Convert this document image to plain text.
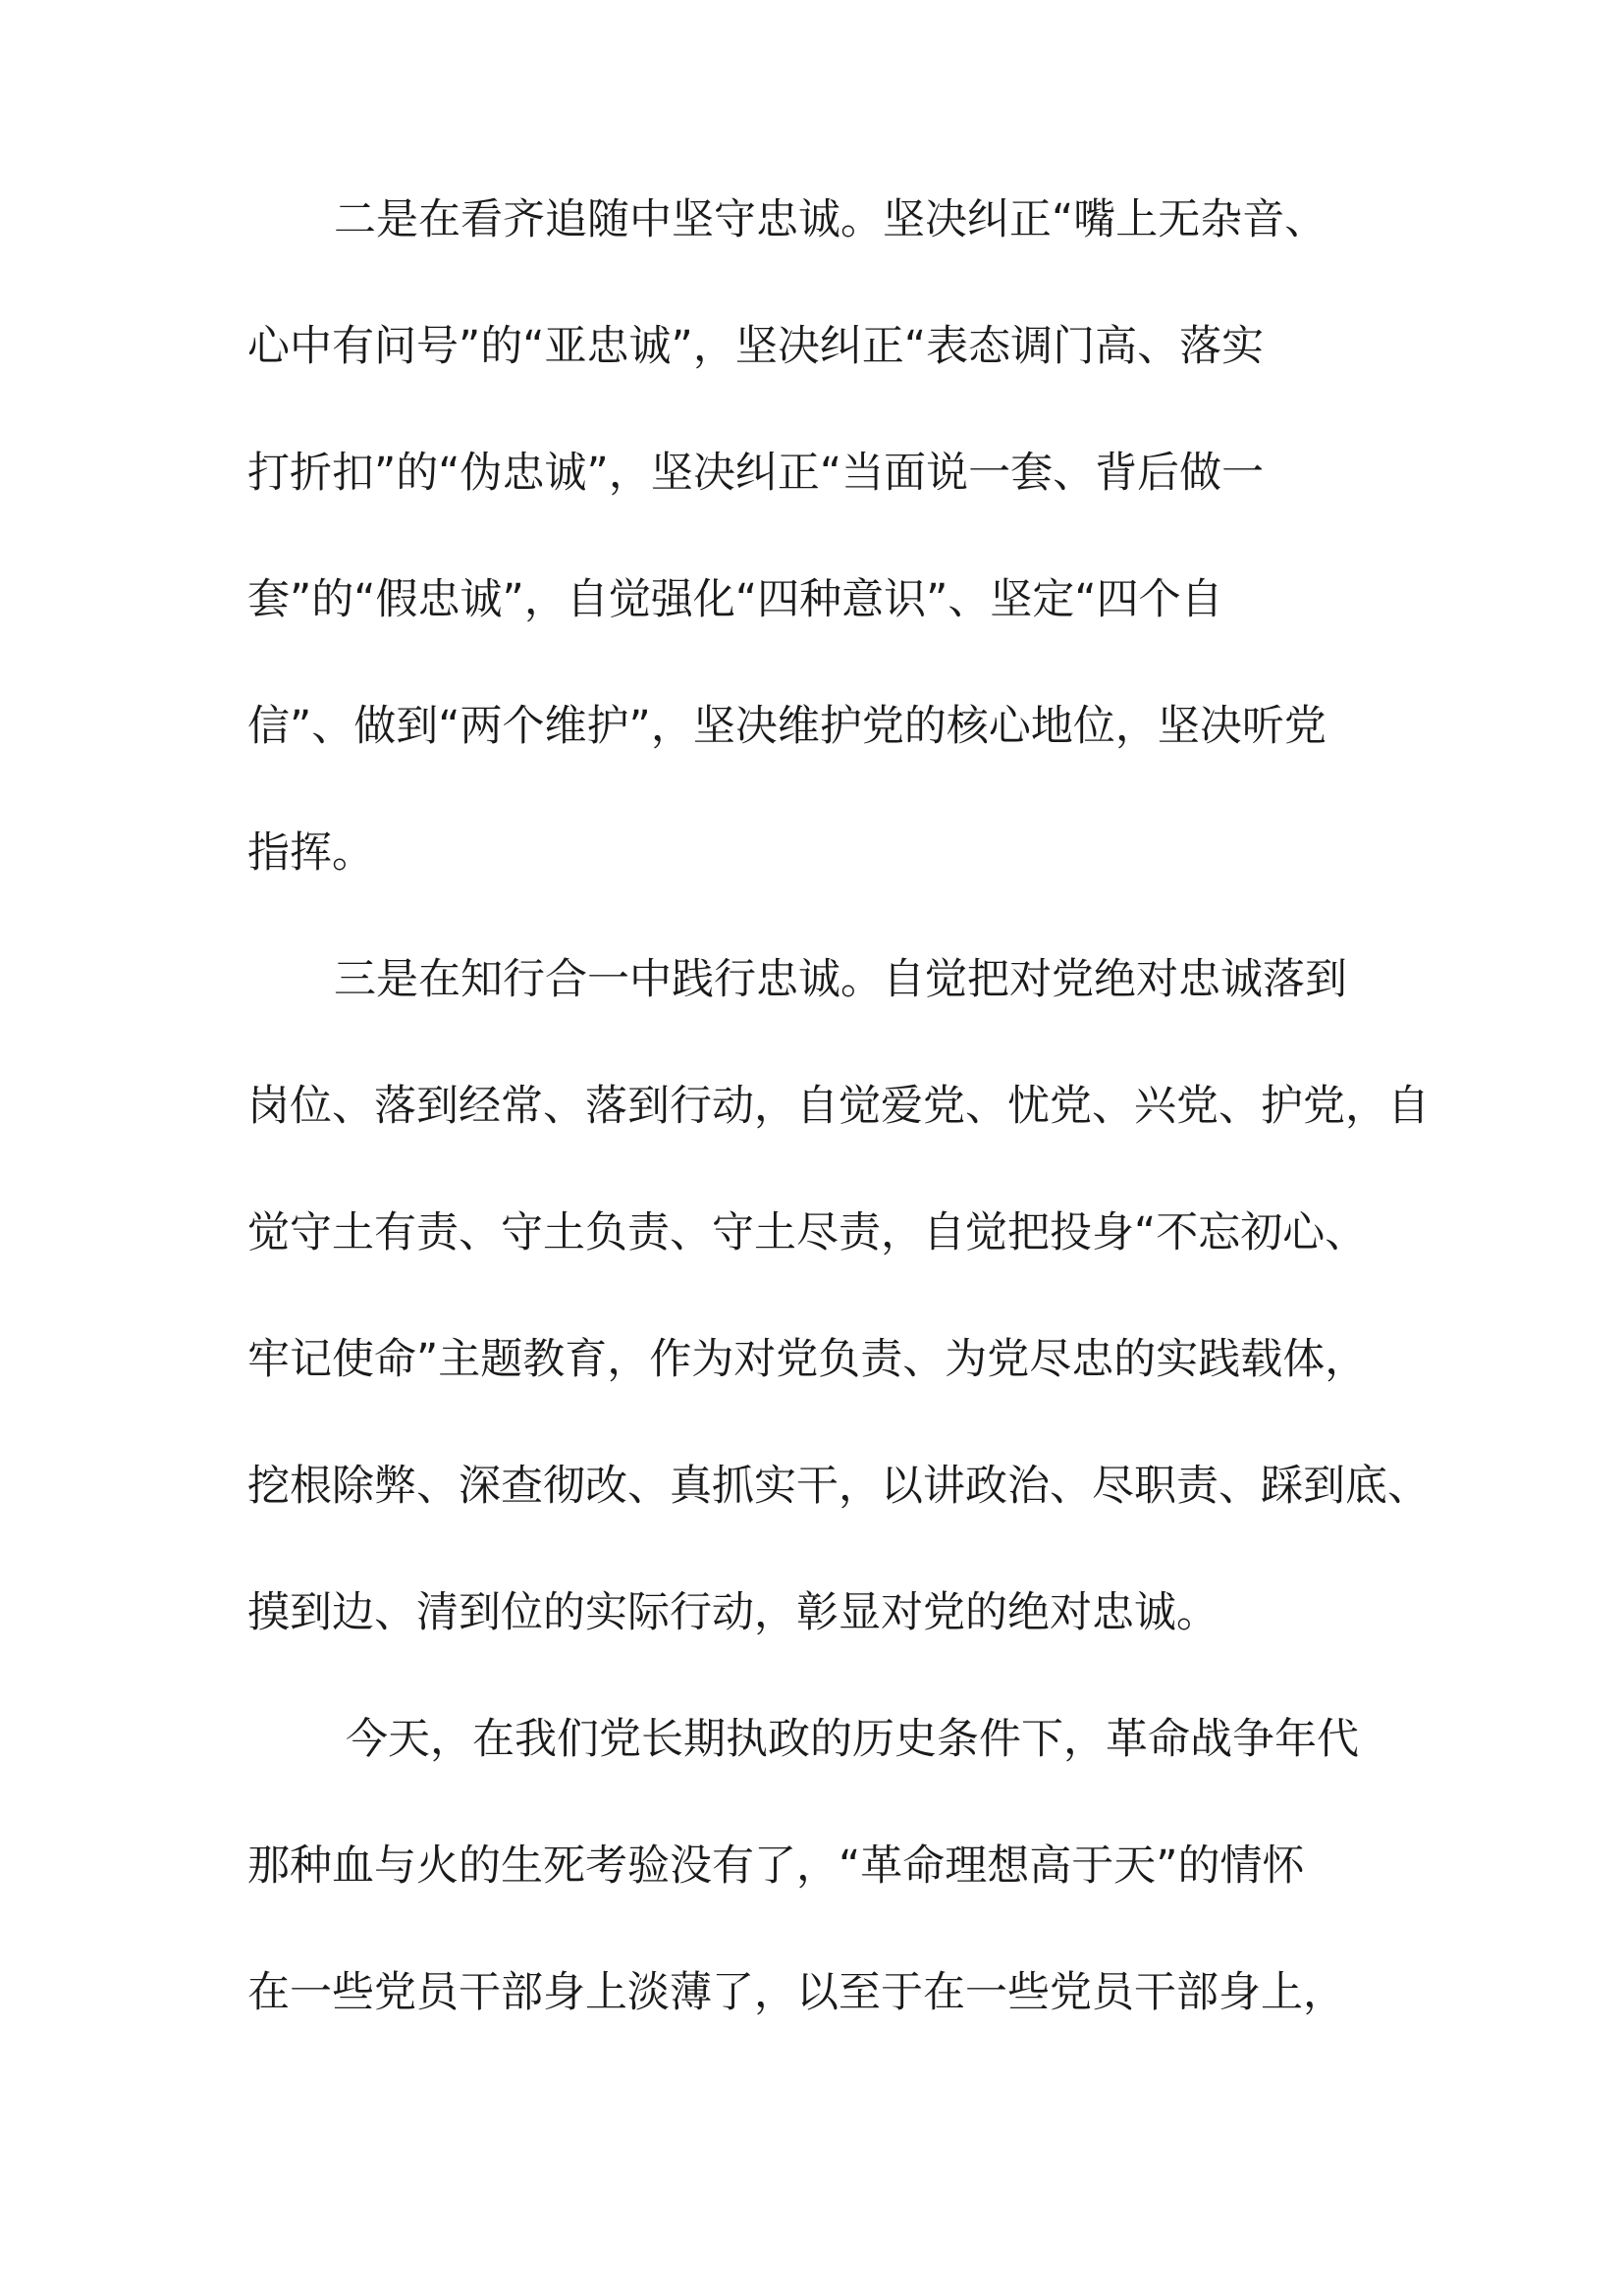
二是在看齐追随中坚守忠诚。坚决纠正“嘴上无杂音、
心中有问号”的“亚忠诚”，坚决纠正“表态调门高、落实
打折扣”的“伪忠诚”，坚决纠正“当面说一套、背后做一
套”的“假忠诚”，自觉强化“四种意识”、坚定“四个自
信”、做到“两个维护”，坚决维护党的核心地位，坚决听党
指挥。
三是在知行合一中践行忠诚。自觉把对党绝对忠诚落到
岗位、落到经常、落到行动，自觉爱党、忧党、兴党、护党，自
觉守土有责、守土负责、守土尽责，自觉把投身“不忘初心、
牢记使命”主题教育，作为对党负责、为党尽忠的实践载体，
挖根除弊、深查彻改、真抓实干，以讲政治、尽职责、踩到底、
摸到边、清到位的实际行动，彰显对党的绝对忠诚。
今天，在我们党长期执政的历史条件下，革命战争年代
那种血与火的生死考验没有了，“革命理想高于天”的情怀
在一些党员干部身上淡薄了，以至于在一些党员干部身上，
